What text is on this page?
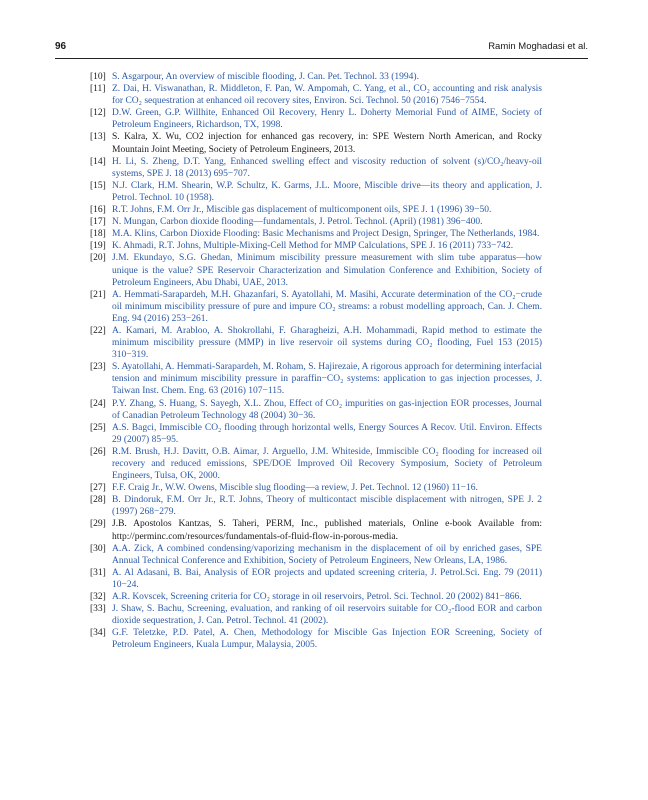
96	Ramin Moghadasi et al.

[10] S. Asgarpour, An overview of miscible flooding, J. Can. Pet. Technol. 33 (1994).

[11] Z. Dai, H. Viswanathan, R. Middleton, F. Pan, W. Ampomah, C. Yang, et al., CO₂ accounting and risk analysis for CO₂ sequestration at enhanced oil recovery sites, Environ. Sci. Technol. 50 (2016) 7546−7554.

[12] D.W. Green, G.P. Willhite, Enhanced Oil Recovery, Henry L. Doherty Memorial Fund of AIME, Society of Petroleum Engineers, Richardson, TX, 1998.

[13] S. Kalra, X. Wu, CO2 injection for enhanced gas recovery, in: SPE Western North American, and Rocky Mountain Joint Meeting, Society of Petroleum Engineers, 2013.

[14] H. Li, S. Zheng, D.T. Yang, Enhanced swelling effect and viscosity reduction of solvent (s)/CO₂/heavy-oil systems, SPE J. 18 (2013) 695−707.

[15] N.J. Clark, H.M. Shearin, W.P. Schultz, K. Garms, J.L. Moore, Miscible drive—its theory and application, J. Petrol. Technol. 10 (1958).

[16] R.T. Johns, F.M. Orr Jr., Miscible gas displacement of multicomponent oils, SPE J. 1 (1996) 39−50.

[17] N. Mungan, Carbon dioxide flooding—fundamentals, J. Petrol. Technol. (April) (1981) 396−400.

[18] M.A. Klins, Carbon Dioxide Flooding: Basic Mechanisms and Project Design, Springer, The Netherlands, 1984.

[19] K. Ahmadi, R.T. Johns, Multiple-Mixing-Cell Method for MMP Calculations, SPE J. 16 (2011) 733−742.

[20] J.M. Ekundayo, S.G. Ghedan, Minimum miscibility pressure measurement with slim tube apparatus—how unique is the value? SPE Reservoir Characterization and Simulation Conference and Exhibition, Society of Petroleum Engineers, Abu Dhabi, UAE, 2013.

[21] A. Hemmati-Sarapardeh, M.H. Ghazanfari, S. Ayatollahi, M. Masihi, Accurate determination of the CO₂−crude oil minimum miscibility pressure of pure and impure CO₂ streams: a robust modelling approach, Can. J. Chem. Eng. 94 (2016) 253−261.

[22] A. Kamari, M. Arabloo, A. Shokrollahi, F. Gharagheizi, A.H. Mohammadi, Rapid method to estimate the minimum miscibility pressure (MMP) in live reservoir oil systems during CO₂ flooding, Fuel 153 (2015) 310−319.

[23] S. Ayatollahi, A. Hemmati-Sarapardeh, M. Roham, S. Hajirezaie, A rigorous approach for determining interfacial tension and minimum miscibility pressure in paraffin−CO₂ systems: application to gas injection processes, J. Taiwan Inst. Chem. Eng. 63 (2016) 107−115.

[24] P.Y. Zhang, S. Huang, S. Sayegh, X.L. Zhou, Effect of CO₂ impurities on gas-injection EOR processes, Journal of Canadian Petroleum Technology 48 (2004) 30−36.

[25] A.S. Bagci, Immiscible CO₂ flooding through horizontal wells, Energy Sources A Recov. Util. Environ. Effects 29 (2007) 85−95.

[26] R.M. Brush, H.J. Davitt, O.B. Aimar, J. Arguello, J.M. Whiteside, Immiscible CO₂ flooding for increased oil recovery and reduced emissions, SPE/DOE Improved Oil Recovery Symposium, Society of Petroleum Engineers, Tulsa, OK, 2000.

[27] F.F. Craig Jr., W.W. Owens, Miscible slug flooding—a review, J. Pet. Technol. 12 (1960) 11−16.

[28] B. Dindoruk, F.M. Orr Jr., R.T. Johns, Theory of multicontact miscible displacement with nitrogen, SPE J. 2 (1997) 268−279.

[29] J.B. Apostolos Kantzas, S. Taheri, PERM, Inc., published materials, Online e-book Available from: http://perminc.com/resources/fundamentals-of-fluid-flow-in-porous-media.

[30] A.A. Zick, A combined condensing/vaporizing mechanism in the displacement of oil by enriched gases, SPE Annual Technical Conference and Exhibition, Society of Petroleum Engineers, New Orleans, LA, 1986.

[31] A. Al Adasani, B. Bai, Analysis of EOR projects and updated screening criteria, J. Petrol.Sci. Eng. 79 (2011) 10−24.

[32] A.R. Kovscek, Screening criteria for CO₂ storage in oil reservoirs, Petrol. Sci. Technol. 20 (2002) 841−866.

[33] J. Shaw, S. Bachu, Screening, evaluation, and ranking of oil reservoirs suitable for CO₂-flood EOR and carbon dioxide sequestration, J. Can. Petrol. Technol. 41 (2002).

[34] G.F. Teletzke, P.D. Patel, A. Chen, Methodology for Miscible Gas Injection EOR Screening, Society of Petroleum Engineers, Kuala Lumpur, Malaysia, 2005.
